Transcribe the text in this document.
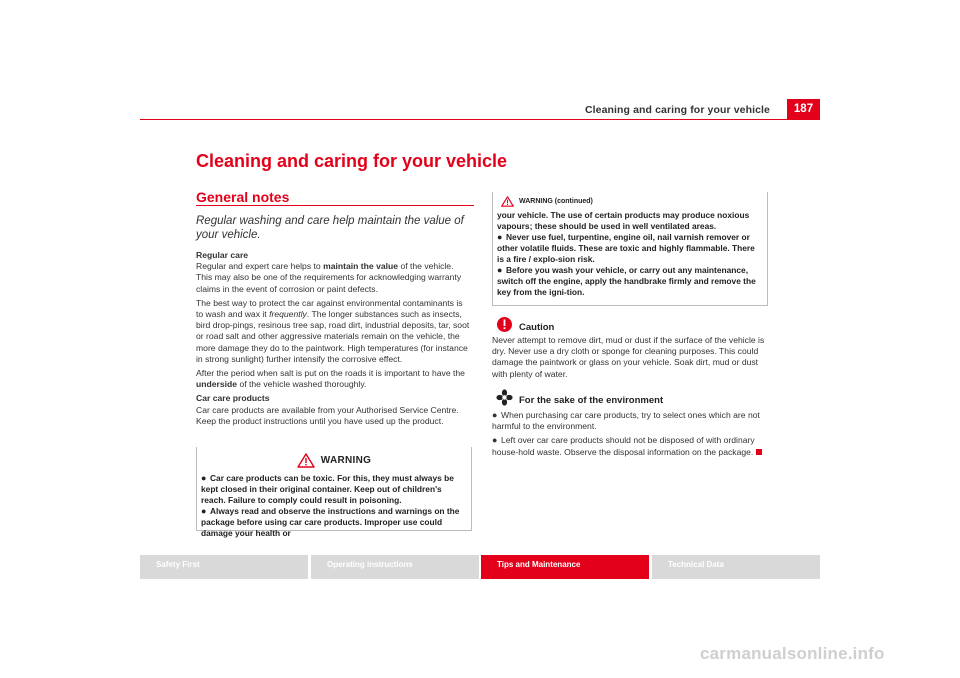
Cleaning and caring for your vehicle	187
Cleaning and caring for your vehicle
General notes
Regular washing and care help maintain the value of your vehicle.

Regular care

Regular and expert care helps to maintain the value of the vehicle. This may also be one of the requirements for acknowledging warranty claims in the event of corrosion or paint defects.

The best way to protect the car against environmental contaminants is to wash and wax it frequently. The longer substances such as insects, bird drop-pings, resinous tree sap, road dirt, industrial deposits, tar, soot or road salt and other aggressive materials remain on the vehicle, the more damage they do to the paintwork. High temperatures (for instance in strong sunlight) further intensify the corrosive effect.

After the period when salt is put on the roads it is important to have the underside of the vehicle washed thoroughly.

Car care products

Car care products are available from your Authorised Service Centre. Keep the product instructions until you have used up the product.

WARNING
● Car care products can be toxic. For this, they must always be kept closed in their original container. Keep out of children's reach. Failure to comply could result in poisoning.
● Always read and observe the instructions and warnings on the package before using car care products. Improper use could damage your health or
WARNING (continued)
your vehicle. The use of certain products may produce noxious vapours; these should be used in well ventilated areas.
● Never use fuel, turpentine, engine oil, nail varnish remover or other volatile fluids. These are toxic and highly flammable. There is a fire / explo-sion risk.
● Before you wash your vehicle, or carry out any maintenance, switch off the engine, apply the handbrake firmly and remove the key from the igni-tion.
Caution
Never attempt to remove dirt, mud or dust if the surface of the vehicle is dry. Never use a dry cloth or sponge for cleaning purposes. This could damage the paintwork or glass on your vehicle. Soak dirt, mud or dust with plenty of water.
For the sake of the environment

● When purchasing car care products, try to select ones which are not harmful to the environment.

● Left over car care products should not be disposed of with ordinary house-hold waste. Observe the disposal information on the package.

Safety First	Operating instructions	Tips and Maintenance	Technical Data
carmanualsonline.info
